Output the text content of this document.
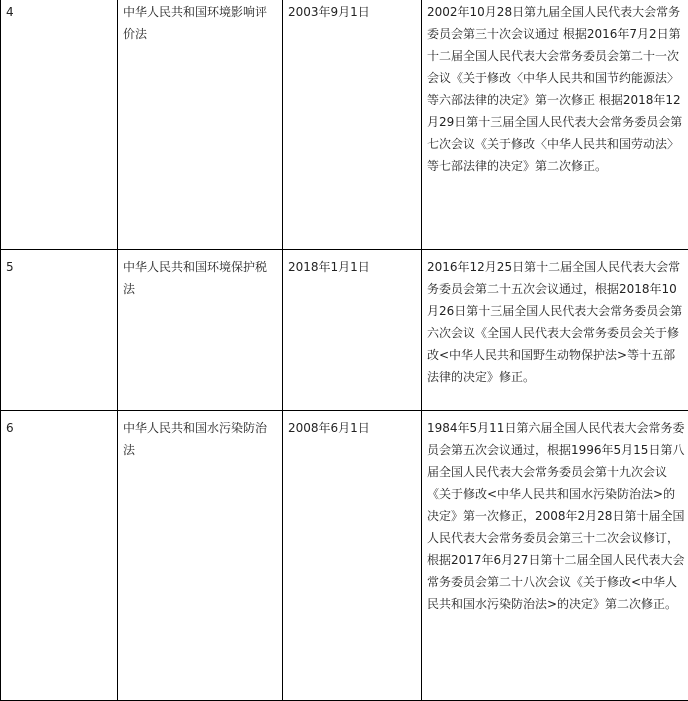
4	中华人民共和国环境影响评价法	2003年9月1日	2002年10月28日第九届全国人民代表大会常务委员会第三十次会议通过 根据2016年7月2日第十二届全国人民代表大会常务委员会第二十一次会议《关于修改〈中华人民共和国节约能源法〉等六部法律的决定》第一次修正 根据2018年12月29日第十三届全国人民代表大会常务委员会第七次会议《关于修改〈中华人民共和国劳动法〉等七部法律的决定》第二次修正。

5	中华人民共和国环境保护税法	2018年1月1日	2016年12月25日第十二届全国人民代表大会常务委员会第二十五次会议通过，根据2018年10月26日第十三届全国人民代表大会常务委员会第六次会议《全国人民代表大会常务委员会关于修改<中华人民共和国野生动物保护法>等十五部法律的决定》修正。

6	中华人民共和国水污染防治法	2008年6月1日	1984年5月11日第六届全国人民代表大会常务委员会第五次会议通过，根据1996年5月15日第八届全国人民代表大会常务委员会第十九次会议《关于修改<中华人民共和国水污染防治法>的决定》第一次修正，2008年2月28日第十届全国人民代表大会常务委员会第三十二次会议修订，根据2017年6月27日第十二届全国人民代表大会常务委员会第二十八次会议《关于修改<中华人民共和国水污染防治法>的决定》第二次修正。
